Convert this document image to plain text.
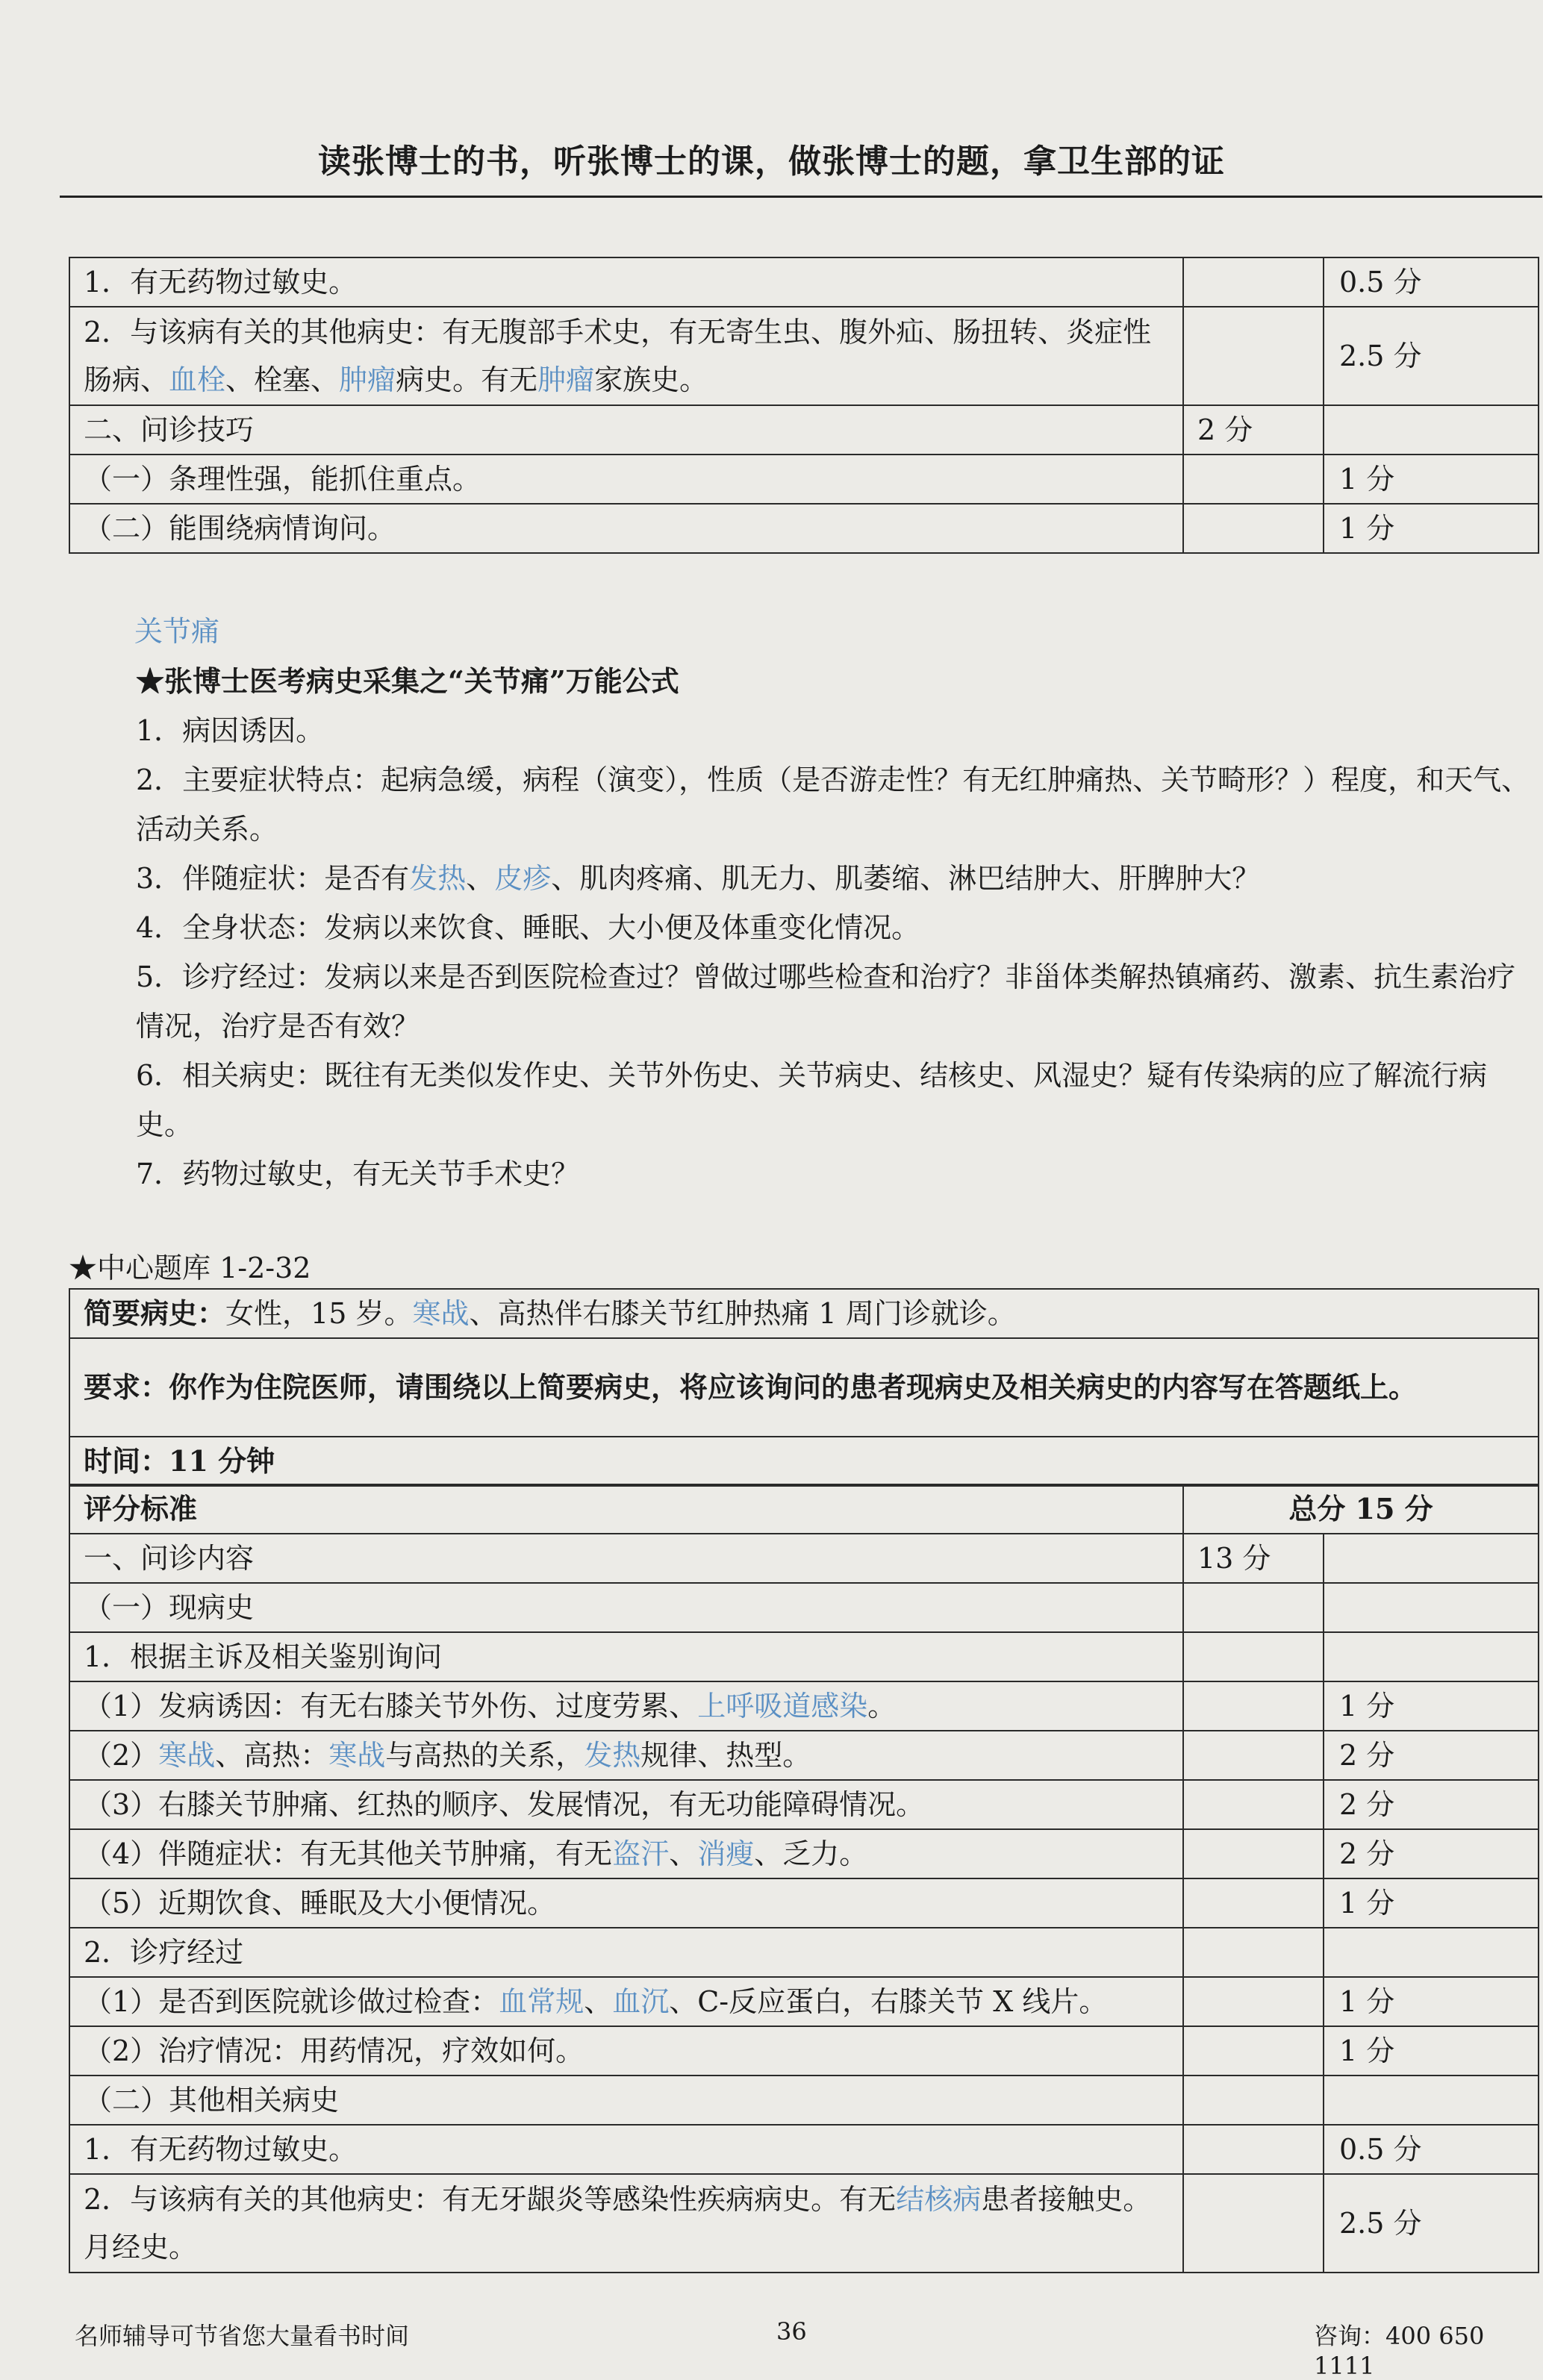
读张博士的书，听张博士的课，做张博士的题，拿卫生部的证
1．有无药物过敏史。		0.5 分
2．与该病有关的其他病史：有无腹部手术史，有无寄生虫、腹外疝、肠扭转、炎症性肠病、血栓、栓塞、肿瘤病史。有无肿瘤家族史。		2.5 分
二、问诊技巧	2 分	
（一）条理性强，能抓住重点。		1 分
（二）能围绕病情询问。		1 分
关节痛
★张博士医考病史采集之“关节痛”万能公式
1．病因诱因。
2．主要症状特点：起病急缓，病程（演变），性质（是否游走性？有无红肿痛热、关节畸形？）程度，和天气、活动关系。
3．伴随症状：是否有发热、皮疹、肌肉疼痛、肌无力、肌萎缩、淋巴结肿大、肝脾肿大？
4．全身状态：发病以来饮食、睡眠、大小便及体重变化情况。
5．诊疗经过：发病以来是否到医院检查过？曾做过哪些检查和治疗？非甾体类解热镇痛药、激素、抗生素治疗情况，治疗是否有效？
6．相关病史：既往有无类似发作史、关节外伤史、关节病史、结核史、风湿史？疑有传染病的应了解流行病史。
7．药物过敏史，有无关节手术史？
★中心题库 1-2-32
简要病史：女性，15 岁。寒战、高热伴右膝关节红肿热痛 1 周门诊就诊。
要求：你作为住院医师，请围绕以上简要病史，将应该询问的患者现病史及相关病史的内容写在答题纸上。
时间：11 分钟
评分标准	总分 15 分	
一、问诊内容	13 分	
（一）现病史		
1．根据主诉及相关鉴别询问		
（1）发病诱因：有无右膝关节外伤、过度劳累、上呼吸道感染。		1 分
（2）寒战、高热：寒战与高热的关系，发热规律、热型。		2 分
（3）右膝关节肿痛、红热的顺序、发展情况，有无功能障碍情况。		2 分
（4）伴随症状：有无其他关节肿痛，有无盗汗、消瘦、乏力。		2 分
（5）近期饮食、睡眠及大小便情况。		1 分
2．诊疗经过		
（1）是否到医院就诊做过检查：血常规、血沉、C-反应蛋白，右膝关节 X 线片。		1 分
（2）治疗情况：用药情况，疗效如何。		1 分
（二）其他相关病史		
1．有无药物过敏史。		0.5 分
2．与该病有关的其他病史：有无牙龈炎等感染性疾病病史。有无结核病患者接触史。月经史。		2.5 分
名师辅导可节省您大量看书时间	36	咨询：400 650 1111
